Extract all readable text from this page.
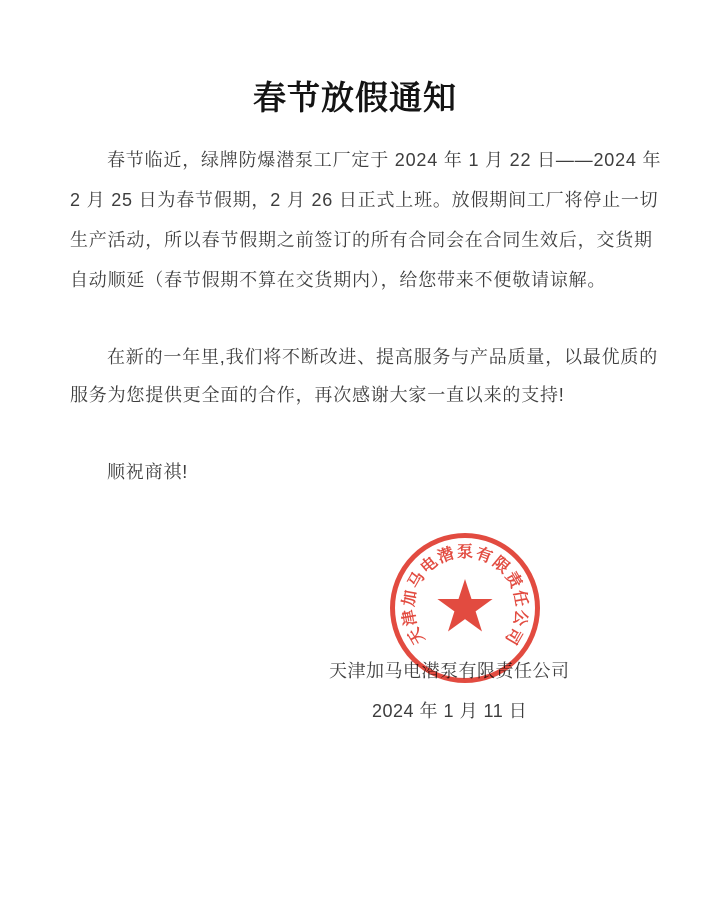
春节放假通知
春节临近，绿牌防爆潜泵工厂定于 2024 年 1 月 22 日——2024 年
2 月 25 日为春节假期，2 月 26 日正式上班。放假期间工厂将停止一切
生产活动，所以春节假期之前签订的所有合同会在合同生效后，交货期
自动顺延（春节假期不算在交货期内），给您带来不便敬请谅解。
在新的一年里,我们将不断改进、提高服务与产品质量，以最优质的
服务为您提供更全面的合作，再次感谢大家一直以来的支持!
顺祝商祺!
天
津
加
马
电
潜 泵 有
限
责
任
公
司
天津加马电潜泵有限责任公司
2024 年 1 月 11 日
